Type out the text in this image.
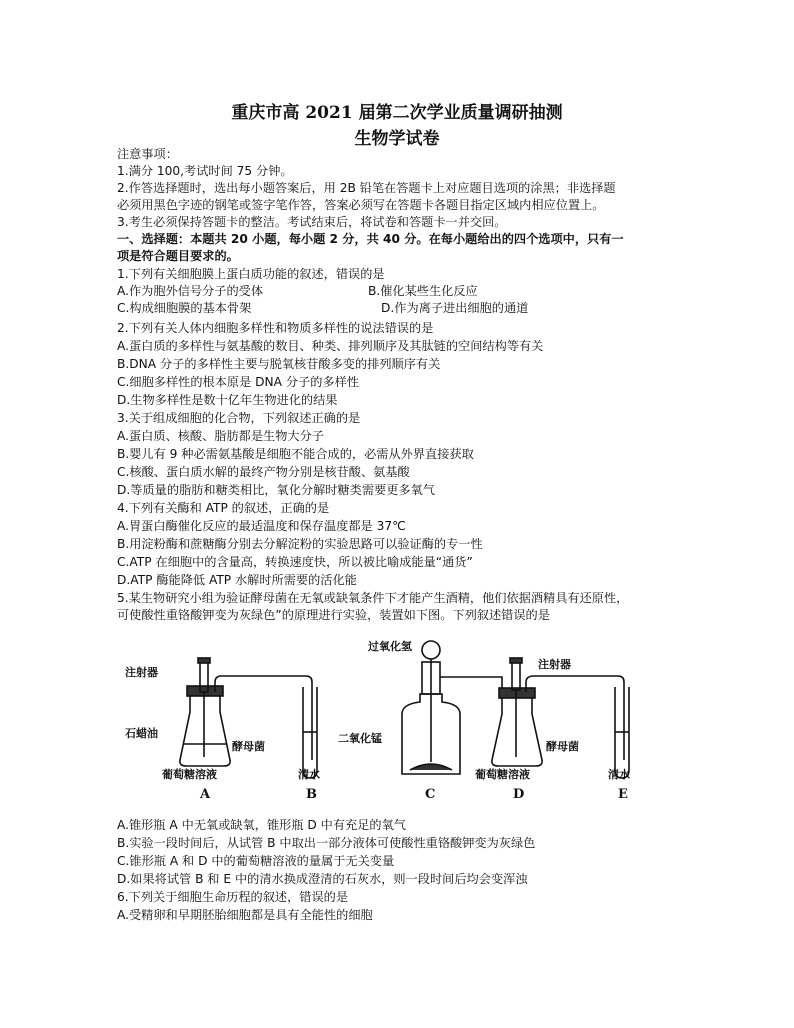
重庆市高 2021 届第二次学业质量调研抽测
生物学试卷
注意事项：
1.满分 100,考试时间 75 分钟。
2.作答选择题时，选出每小题答案后，用 2B 铅笔在答题卡上对应题目选项的涂黑；非选择题
必须用黑色字迹的钢笔或签字笔作答，答案必须写在答题卡各题目指定区域内相应位置上。
3.考生必须保持答题卡的整洁。考试结束后，将试卷和答题卡一并交回。
一、选择题：本题共 20 小题，每小题 2 分，共 40 分。在每小题给出的四个选项中，只有一
项是符合题目要求的。
1.下列有关细胞膜上蛋白质功能的叙述，错误的是
A.作为胞外信号分子的受体	B.催化某些生化反应
C.构成细胞膜的基本骨架	D.作为离子进出细胞的通道
2.下列有关人体内细胞多样性和物质多样性的说法错误的是
A.蛋白质的多样性与氨基酸的数目、种类、排列顺序及其肽链的空间结构等有关
B.DNA 分子的多样性主要与脱氧核苷酸多变的排列顺序有关
C.细胞多样性的根本原是 DNA 分子的多样性
D.生物多样性是数十亿年生物进化的结果
3.关于组成细胞的化合物，下列叙述正确的是
A.蛋白质、核酸、脂肪都是生物大分子
B.婴儿有 9 种必需氨基酸是细胞不能合成的，必需从外界直接获取
C.核酸、蛋白质水解的最终产物分别是核苷酸、氨基酸
D.等质量的脂肪和糖类相比，氧化分解时糖类需要更多氧气
4.下列有关酶和 ATP 的叙述，正确的是
A.胃蛋白酶催化反应的最适温度和保存温度都是 37℃
B.用淀粉酶和蔗糖酶分别去分解淀粉的实验思路可以验证酶的专一性
C.ATP 在细胞中的含量高，转换速度快，所以被比喻成能量“通货”
D.ATP 酶能降低 ATP 水解时所需要的活化能
5.某生物研究小组为验证酵母菌在无氧或缺氧条件下才能产生酒精，他们依据酒精具有还原性，
可使酸性重铬酸钾变为灰绿色”的原理进行实验，装置如下图。下列叙述错误的是
注射器
石蜡油
酵母菌
葡萄糖溶液	清水
过氧化氢
二氧化锰
注射器
酵母菌
葡萄糖溶液	清水
A	B	C	D	E
A.锥形瓶 A 中无氧或缺氧，锥形瓶 D 中有充足的氧气
B.实验一段时间后，从试管 B 中取出一部分液体可使酸性重铬酸钾变为灰绿色
C.锥形瓶 A 和 D 中的葡萄糖溶液的量属于无关变量
D.如果将试管 B 和 E 中的清水换成澄清的石灰水，则一段时间后均会变浑浊
6.下列关于细胞生命历程的叙述，错误的是
A.受精卵和早期胚胎细胞都是具有全能性的细胞
